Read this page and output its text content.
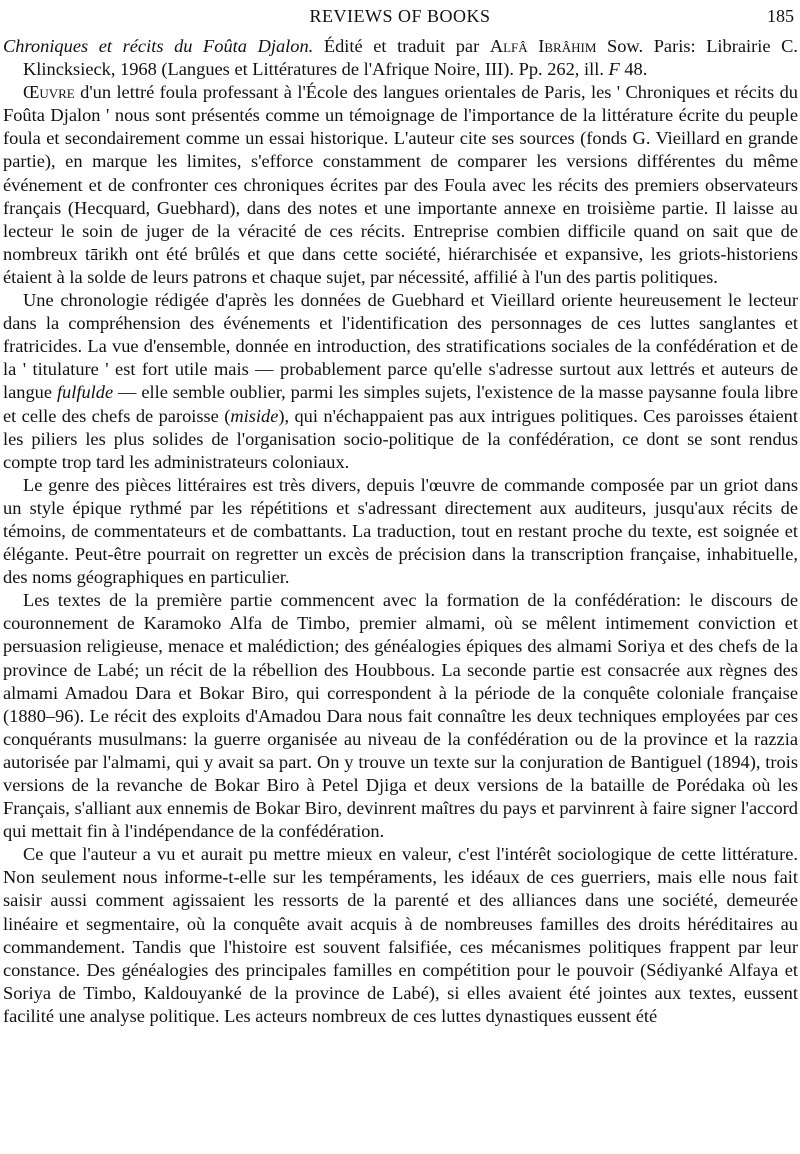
REVIEWS OF BOOKS	185

Chroniques et récits du Foûta Djalon. Édité et traduit par Alfâ Ibrâhim Sow. Paris: Librairie C. Klincksieck, 1968 (Langues et Littératures de l'Afrique Noire, III). Pp. 262, ill. F 48.

Œuvre d'un lettré foula professant à l'École des langues orientales de Paris, les ' Chroniques et récits du Foûta Djalon ' nous sont présentés comme un témoignage de l'importance de la littérature écrite du peuple foula et secondairement comme un essai historique. L'auteur cite ses sources (fonds G. Vieillard en grande partie), en marque les limites, s'efforce constamment de comparer les versions différentes du même événement et de confronter ces chroniques écrites par des Foula avec les récits des premiers observateurs français (Hecquard, Guebhard), dans des notes et une importante annexe en troisième partie. Il laisse au lecteur le soin de juger de la véracité de ces récits. Entreprise combien difficile quand on sait que de nombreux tārikh ont été brûlés et que dans cette société, hiérarchisée et expansive, les griots-historiens étaient à la solde de leurs patrons et chaque sujet, par nécessité, affilié à l'un des partis politiques.

Une chronologie rédigée d'après les données de Guebhard et Vieillard oriente heureusement le lecteur dans la compréhension des événements et l'identification des personnages de ces luttes sanglantes et fratricides. La vue d'ensemble, donnée en introduction, des stratifications sociales de la confédération et de la ' titulature ' est fort utile mais — probablement parce qu'elle s'adresse surtout aux lettrés et auteurs de langue fulfulde — elle semble oublier, parmi les simples sujets, l'existence de la masse paysanne foula libre et celle des chefs de paroisse (miside), qui n'échappaient pas aux intrigues politiques. Ces paroisses étaient les piliers les plus solides de l'organisation socio-politique de la confédération, ce dont se sont rendus compte trop tard les administrateurs coloniaux.

Le genre des pièces littéraires est très divers, depuis l'œuvre de commande composée par un griot dans un style épique rythmé par les répétitions et s'adressant directement aux auditeurs, jusqu'aux récits de témoins, de commentateurs et de combattants. La traduction, tout en restant proche du texte, est soignée et élégante. Peut-être pourrait on regretter un excès de précision dans la transcription française, inhabituelle, des noms géographiques en particulier.

Les textes de la première partie commencent avec la formation de la confédération: le discours de couronnement de Karamoko Alfa de Timbo, premier almami, où se mêlent intimement conviction et persuasion religieuse, menace et malédiction; des généalogies épiques des almami Soriya et des chefs de la province de Labé; un récit de la rébellion des Houbbous. La seconde partie est consacrée aux règnes des almami Amadou Dara et Bokar Biro, qui correspondent à la période de la conquête coloniale française (1880–96). Le récit des exploits d'Amadou Dara nous fait connaître les deux techniques employées par ces conquérants musulmans: la guerre organisée au niveau de la confédération ou de la province et la razzia autorisée par l'almami, qui y avait sa part. On y trouve un texte sur la conjuration de Bantiguel (1894), trois versions de la revanche de Bokar Biro à Petel Djiga et deux versions de la bataille de Porédaka où les Français, s'alliant aux ennemis de Bokar Biro, devinrent maîtres du pays et parvinrent à faire signer l'accord qui mettait fin à l'indépendance de la confédération.

Ce que l'auteur a vu et aurait pu mettre mieux en valeur, c'est l'intérêt sociologique de cette littérature. Non seulement nous informe-t-elle sur les tempéraments, les idéaux de ces guerriers, mais elle nous fait saisir aussi comment agissaient les ressorts de la parenté et des alliances dans une société, demeurée linéaire et segmentaire, où la conquête avait acquis à de nombreuses familles des droits héréditaires au commandement. Tandis que l'histoire est souvent falsifiée, ces mécanismes politiques frappent par leur constance. Des généalogies des principales familles en compétition pour le pouvoir (Sédiyanké Alfaya et Soriya de Timbo, Kaldouyanké de la province de Labé), si elles avaient été jointes aux textes, eussent facilité une analyse politique. Les acteurs nombreux de ces luttes dynastiques eussent été
